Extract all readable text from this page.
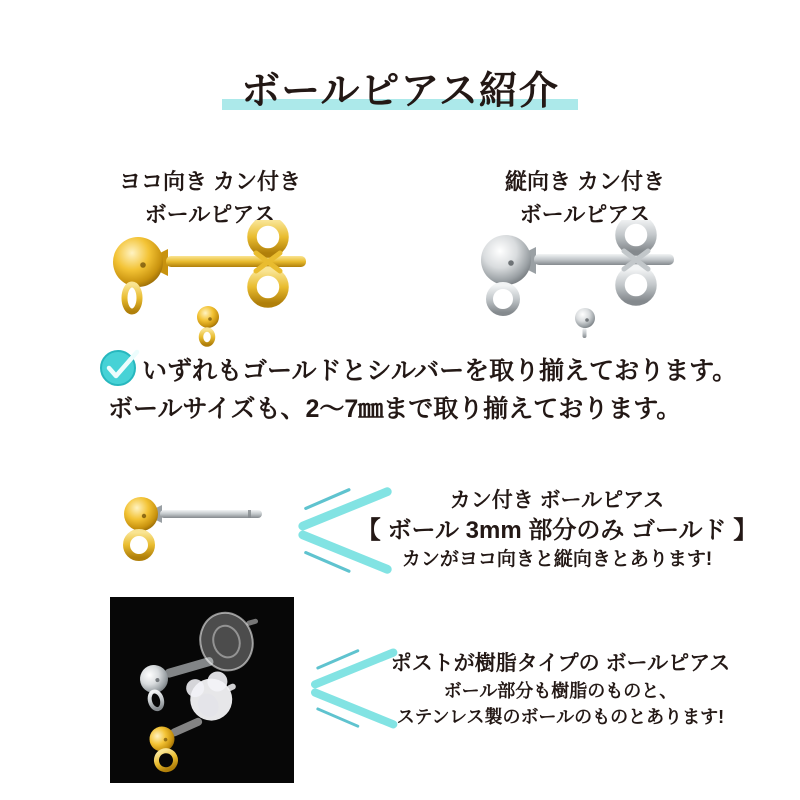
ボールピアス紹介
ヨコ向き カン付き
ボールピアス
縦向き カン付き
ボールピアス
いずれもゴールドとシルバーを取り揃えております。
ボールサイズも、2〜7㎜まで取り揃えております。
カン付き ボールピアス
【 ボール 3mm 部分のみ ゴールド 】
カンがヨコ向きと縦向きとあります!
ポストが樹脂タイプの ボールピアス
ボール部分も樹脂のものと、
ステンレス製のボールのものとあります!
